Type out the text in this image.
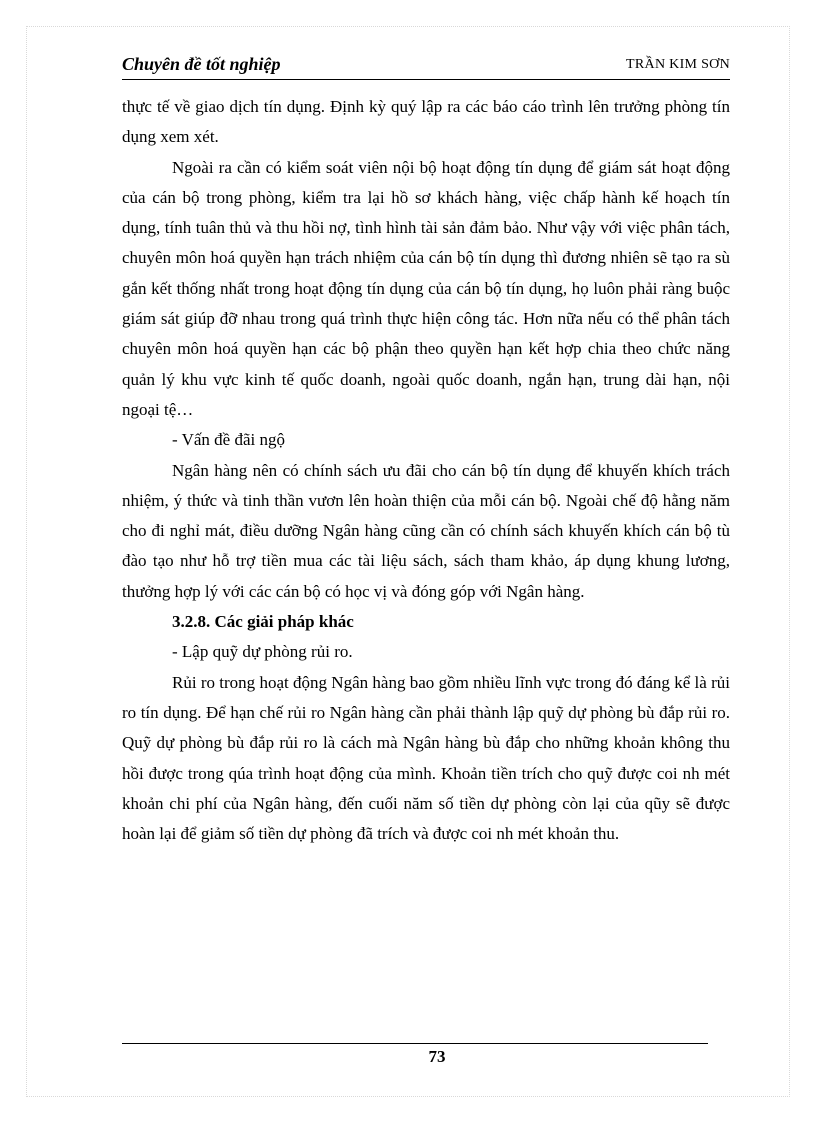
Chuyên đề tốt nghiệp	TRẦN KIM SƠN

thực tế về giao dịch tín dụng. Định kỳ quý lập ra các báo cáo trình lên trưởng phòng tín dụng xem xét.

Ngoài ra cần có kiểm soát viên nội bộ hoạt động tín dụng để giám sát hoạt động của cán bộ trong phòng, kiểm tra lại hồ sơ khách hàng, việc chấp hành kế hoạch tín dụng, tính tuân thủ và thu hồi nợ, tình hình tài sản đảm bảo. Như vậy với việc phân tách, chuyên môn hoá quyền hạn trách nhiệm của cán bộ tín dụng thì đương nhiên sẽ tạo ra sù gắn kết thống nhất trong hoạt động tín dụng của cán bộ tín dụng, họ luôn phải ràng buộc giám sát giúp đỡ nhau trong quá trình thực hiện công tác. Hơn nữa nếu có thể phân tách chuyên môn hoá quyền hạn các bộ phận theo quyền hạn kết hợp chia theo chức năng quản lý khu vực kinh tế quốc doanh, ngoài quốc doanh, ngắn hạn, trung dài hạn, nội ngoại tệ…

- Vấn đề đãi ngộ

Ngân hàng nên có chính sách ưu đãi cho cán bộ tín dụng để khuyến khích trách nhiệm, ý thức và tinh thần vươn lên hoàn thiện của mỗi cán bộ. Ngoài chế độ hằng năm cho đi nghỉ mát, điều dưỡng Ngân hàng cũng cần có chính sách khuyến khích cán bộ tù đào tạo như hỗ trợ tiền mua các tài liệu sách, sách tham khảo, áp dụng khung lương, thưởng hợp lý với các cán bộ có học vị và đóng góp với Ngân hàng.

3.2.8. Các giải pháp khác

- Lập quỹ dự phòng rủi ro.

Rủi ro trong hoạt động Ngân hàng bao gồm nhiều lĩnh vực trong đó đáng kể là rủi ro tín dụng. Để hạn chế rủi ro Ngân hàng cần phải thành lập quỹ dự phòng bù đắp rủi ro. Quỹ dự phòng bù đắp rủi ro là cách mà Ngân hàng bù đắp cho những khoản không thu hồi được trong qúa trình hoạt động của mình. Khoản tiền trích cho quỹ được coi nh mét khoản chi phí của Ngân hàng, đến cuối năm số tiền dự phòng còn lại của qũy sẽ được hoàn lại để giảm số tiền dự phòng đã trích và được coi nh mét khoản thu.

73
